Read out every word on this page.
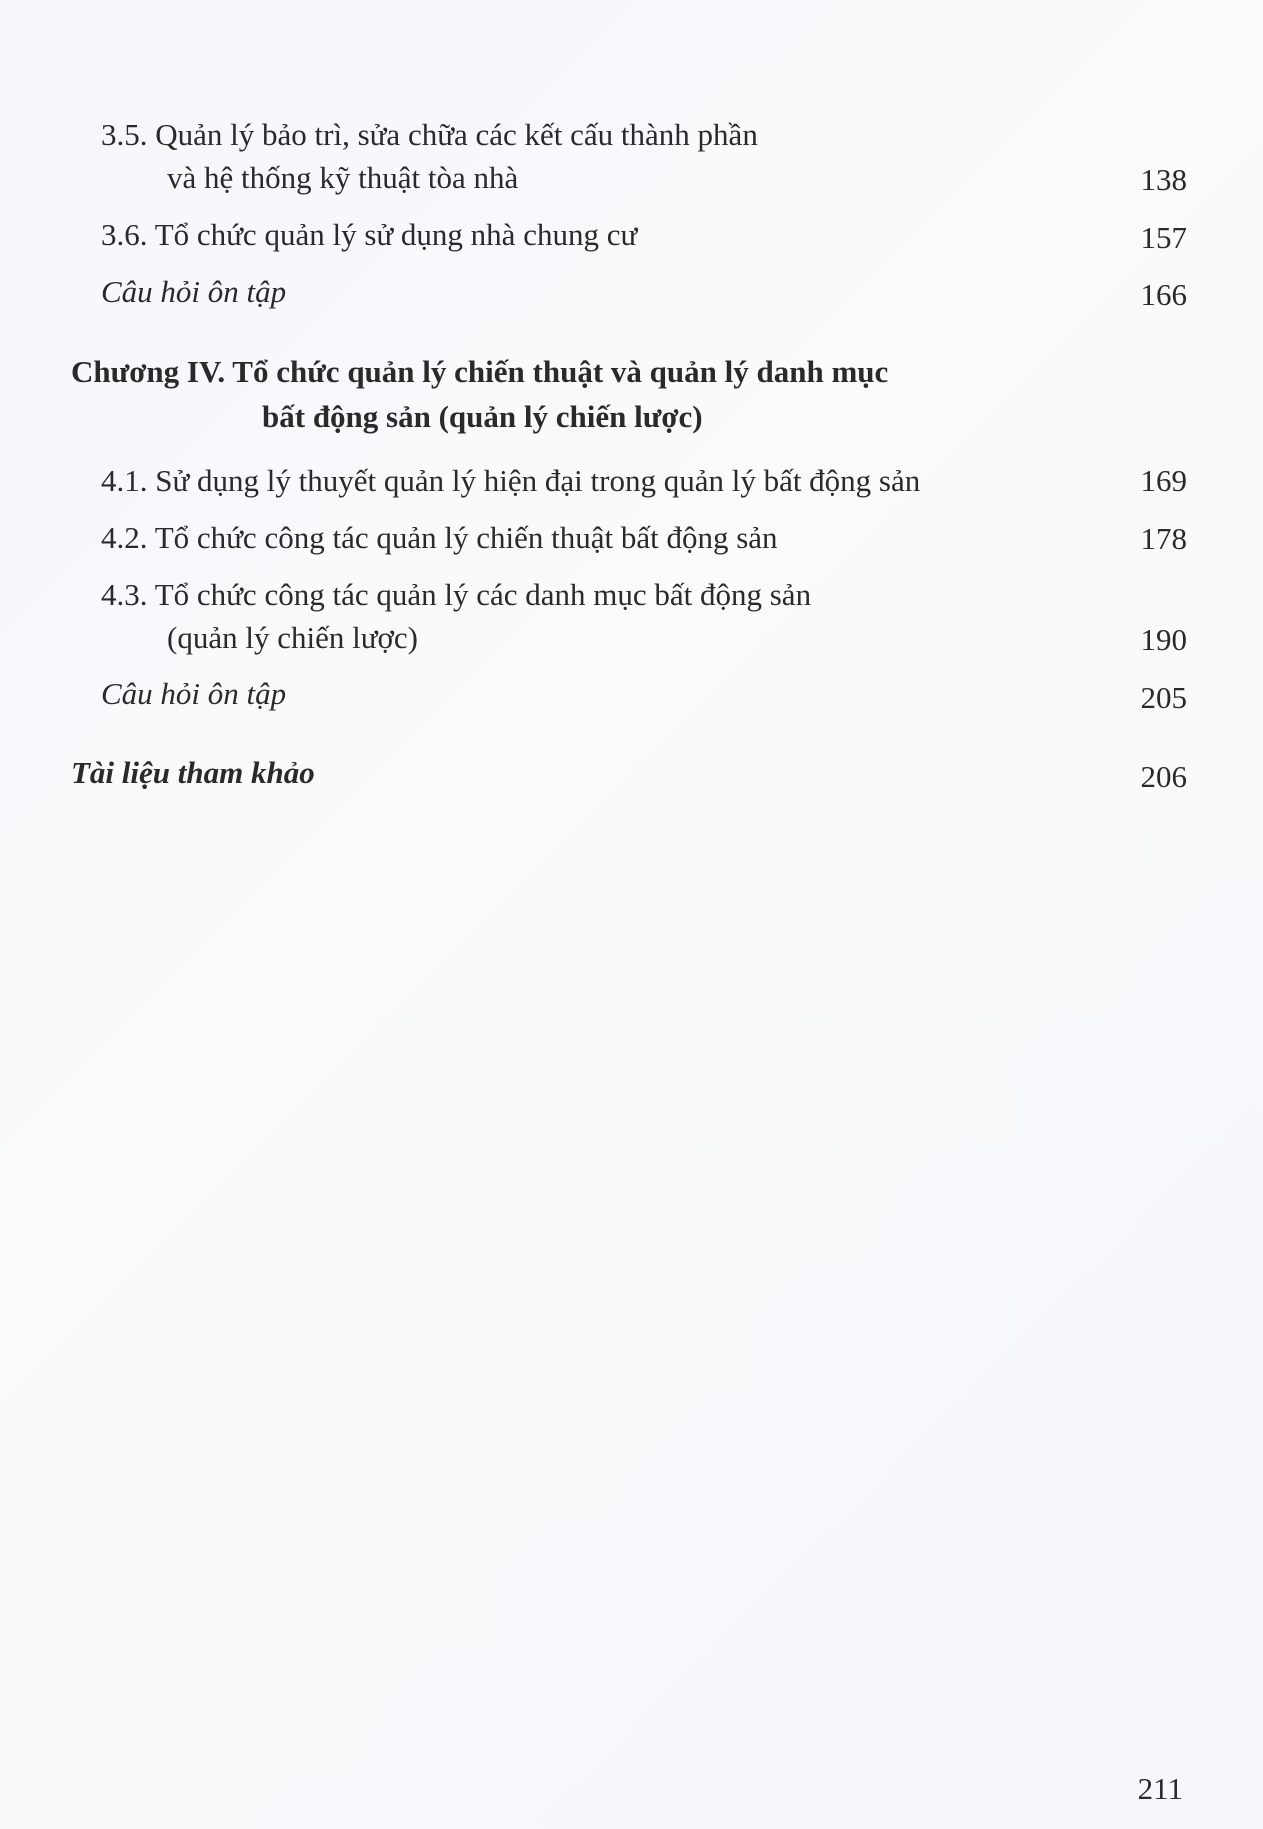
3.5. Quản lý bảo trì, sửa chữa các kết cấu thành phần
và hệ thống kỹ thuật tòa nhà	138
3.6. Tổ chức quản lý sử dụng nhà chung cư	157
Câu hỏi ôn tập	166
Chương IV. Tổ chức quản lý chiến thuật và quản lý danh mục
bất động sản (quản lý chiến lược)
4.1. Sử dụng lý thuyết quản lý hiện đại trong quản lý bất động sản	169
4.2. Tổ chức công tác quản lý chiến thuật bất động sản	178
4.3. Tổ chức công tác quản lý các danh mục bất động sản
(quản lý chiến lược)	190
Câu hỏi ôn tập	205
Tài liệu tham khảo	206
211
